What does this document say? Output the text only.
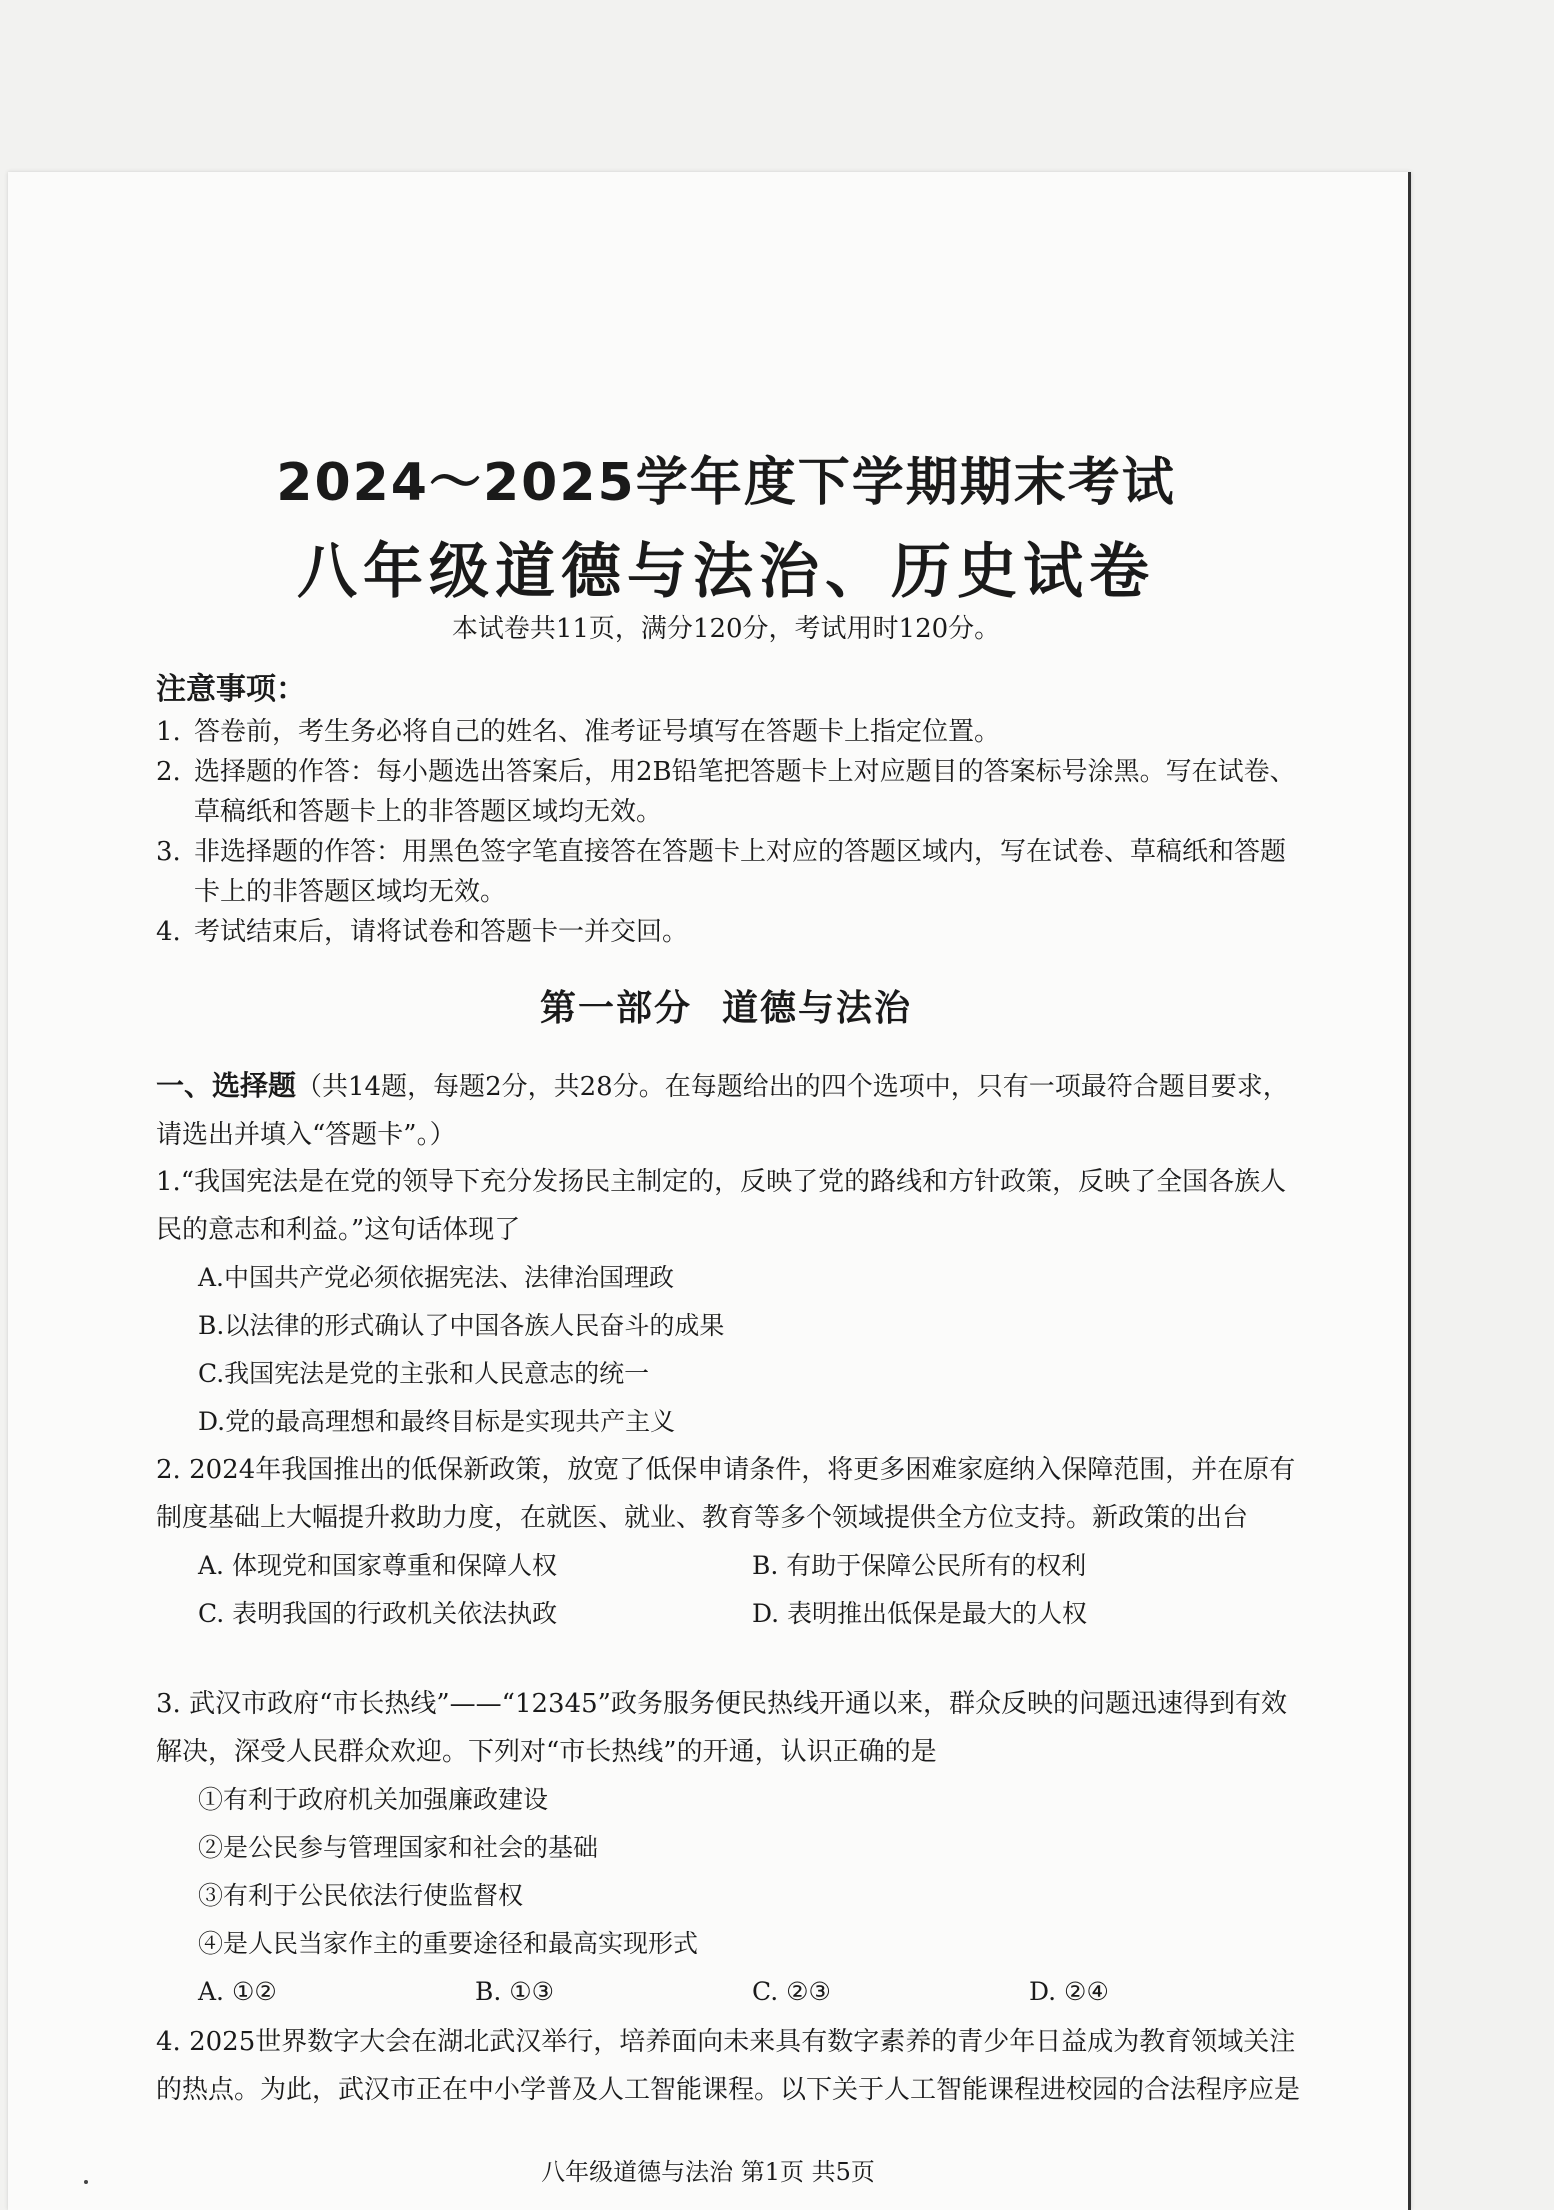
2024～2025学年度下学期期末考试
八年级道德与法治、历史试卷
本试卷共11页，满分120分，考试用时120分。
注意事项：
1. 答卷前，考生务必将自己的姓名、准考证号填写在答题卡上指定位置。
2. 选择题的作答：每小题选出答案后，用2B铅笔把答题卡上对应题目的答案标号涂黑。写在试卷、草稿纸和答题卡上的非答题区域均无效。
3. 非选择题的作答：用黑色签字笔直接答在答题卡上对应的答题区域内，写在试卷、草稿纸和答题卡上的非答题区域均无效。
4. 考试结束后，请将试卷和答题卡一并交回。
第一部分 道德与法治
一、选择题（共14题，每题2分，共28分。在每题给出的四个选项中，只有一项最符合题目要求，请选出并填入“答题卡”。）
1.“我国宪法是在党的领导下充分发扬民主制定的，反映了党的路线和方针政策，反映了全国各族人民的意志和利益。”这句话体现了
A.中国共产党必须依据宪法、法律治国理政
B.以法律的形式确认了中国各族人民奋斗的成果
C.我国宪法是党的主张和人民意志的统一
D.党的最高理想和最终目标是实现共产主义
2. 2024年我国推出的低保新政策，放宽了低保申请条件，将更多困难家庭纳入保障范围，并在原有制度基础上大幅提升救助力度，在就医、就业、教育等多个领域提供全方位支持。新政策的出台
A. 体现党和国家尊重和保障人权	B. 有助于保障公民所有的权利
C. 表明我国的行政机关依法执政	D. 表明推出低保是最大的人权
3. 武汉市政府“市长热线”——“12345”政务服务便民热线开通以来，群众反映的问题迅速得到有效解决，深受人民群众欢迎。下列对“市长热线”的开通，认识正确的是
①有利于政府机关加强廉政建设
②是公民参与管理国家和社会的基础
③有利于公民依法行使监督权
④是人民当家作主的重要途径和最高实现形式
A. ①②	B. ①③	C. ②③	D. ②④
4. 2025世界数字大会在湖北武汉举行，培养面向未来具有数字素养的青少年日益成为教育领域关注的热点。为此，武汉市正在中小学普及人工智能课程。以下关于人工智能课程进校园的合法程序应是
八年级道德与法治 第1页 共5页
